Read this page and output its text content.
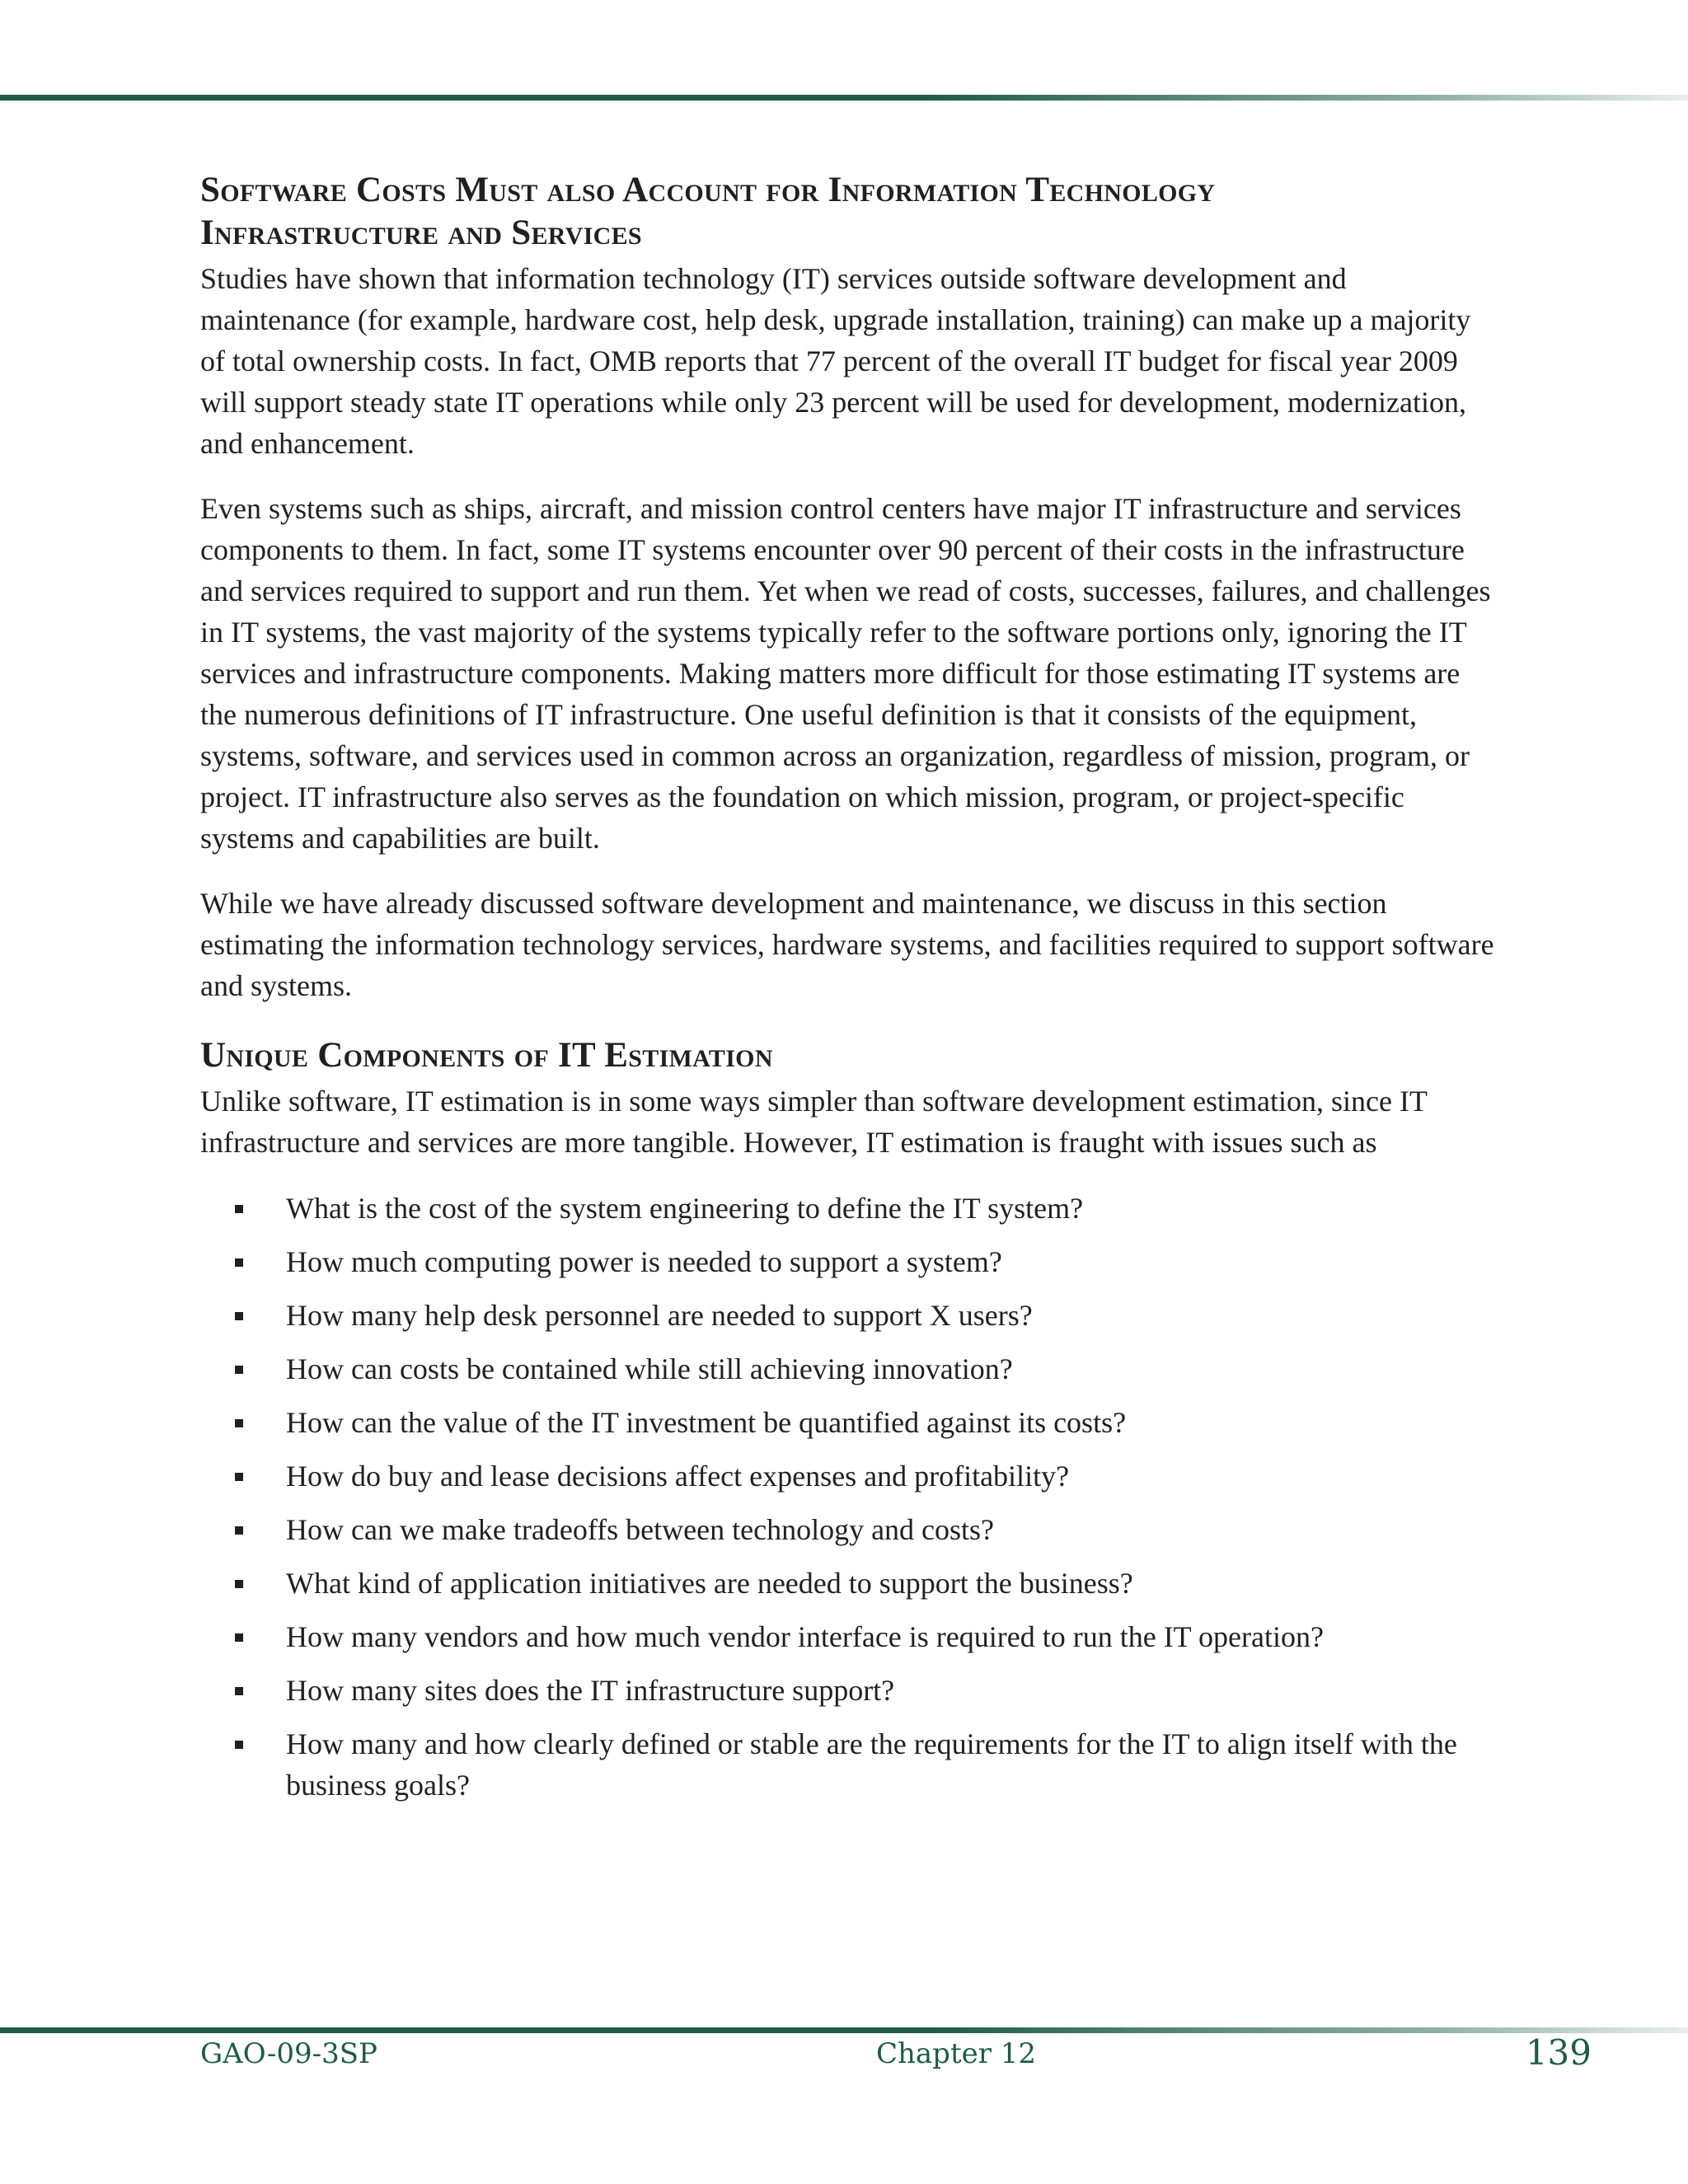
Software Costs Must also Account for Information Technology
Infrastructure and Services

Studies have shown that information technology (IT) services outside software development and maintenance (for example, hardware cost, help desk, upgrade installation, training) can make up a majority of total ownership costs. In fact, OMB reports that 77 percent of the overall IT budget for fiscal year 2009 will support steady state IT operations while only 23 percent will be used for development, modernization, and enhancement.

Even systems such as ships, aircraft, and mission control centers have major IT infrastructure and services components to them. In fact, some IT systems encounter over 90 percent of their costs in the infrastructure and services required to support and run them. Yet when we read of costs, successes, failures, and challenges in IT systems, the vast majority of the systems typically refer to the software portions only, ignoring the IT services and infrastructure components. Making matters more difficult for those estimating IT systems are the numerous definitions of IT infrastructure. One useful definition is that it consists of the equipment, systems, software, and services used in common across an organization, regardless of mission, program, or project. IT infrastructure also serves as the foundation on which mission, program, or project-specific systems and capabilities are built.

While we have already discussed software development and maintenance, we discuss in this section estimating the information technology services, hardware systems, and facilities required to support software and systems.

Unique Components of IT Estimation

Unlike software, IT estimation is in some ways simpler than software development estimation, since IT infrastructure and services are more tangible. However, IT estimation is fraught with issues such as

What is the cost of the system engineering to define the IT system?
How much computing power is needed to support a system?
How many help desk personnel are needed to support X users?
How can costs be contained while still achieving innovation?
How can the value of the IT investment be quantified against its costs?
How do buy and lease decisions affect expenses and profitability?
How can we make tradeoffs between technology and costs?
What kind of application initiatives are needed to support the business?
How many vendors and how much vendor interface is required to run the IT operation?
How many sites does the IT infrastructure support?
How many and how clearly defined or stable are the requirements for the IT to align itself with the business goals?
GAO-09-3SP	Chapter 12	139
